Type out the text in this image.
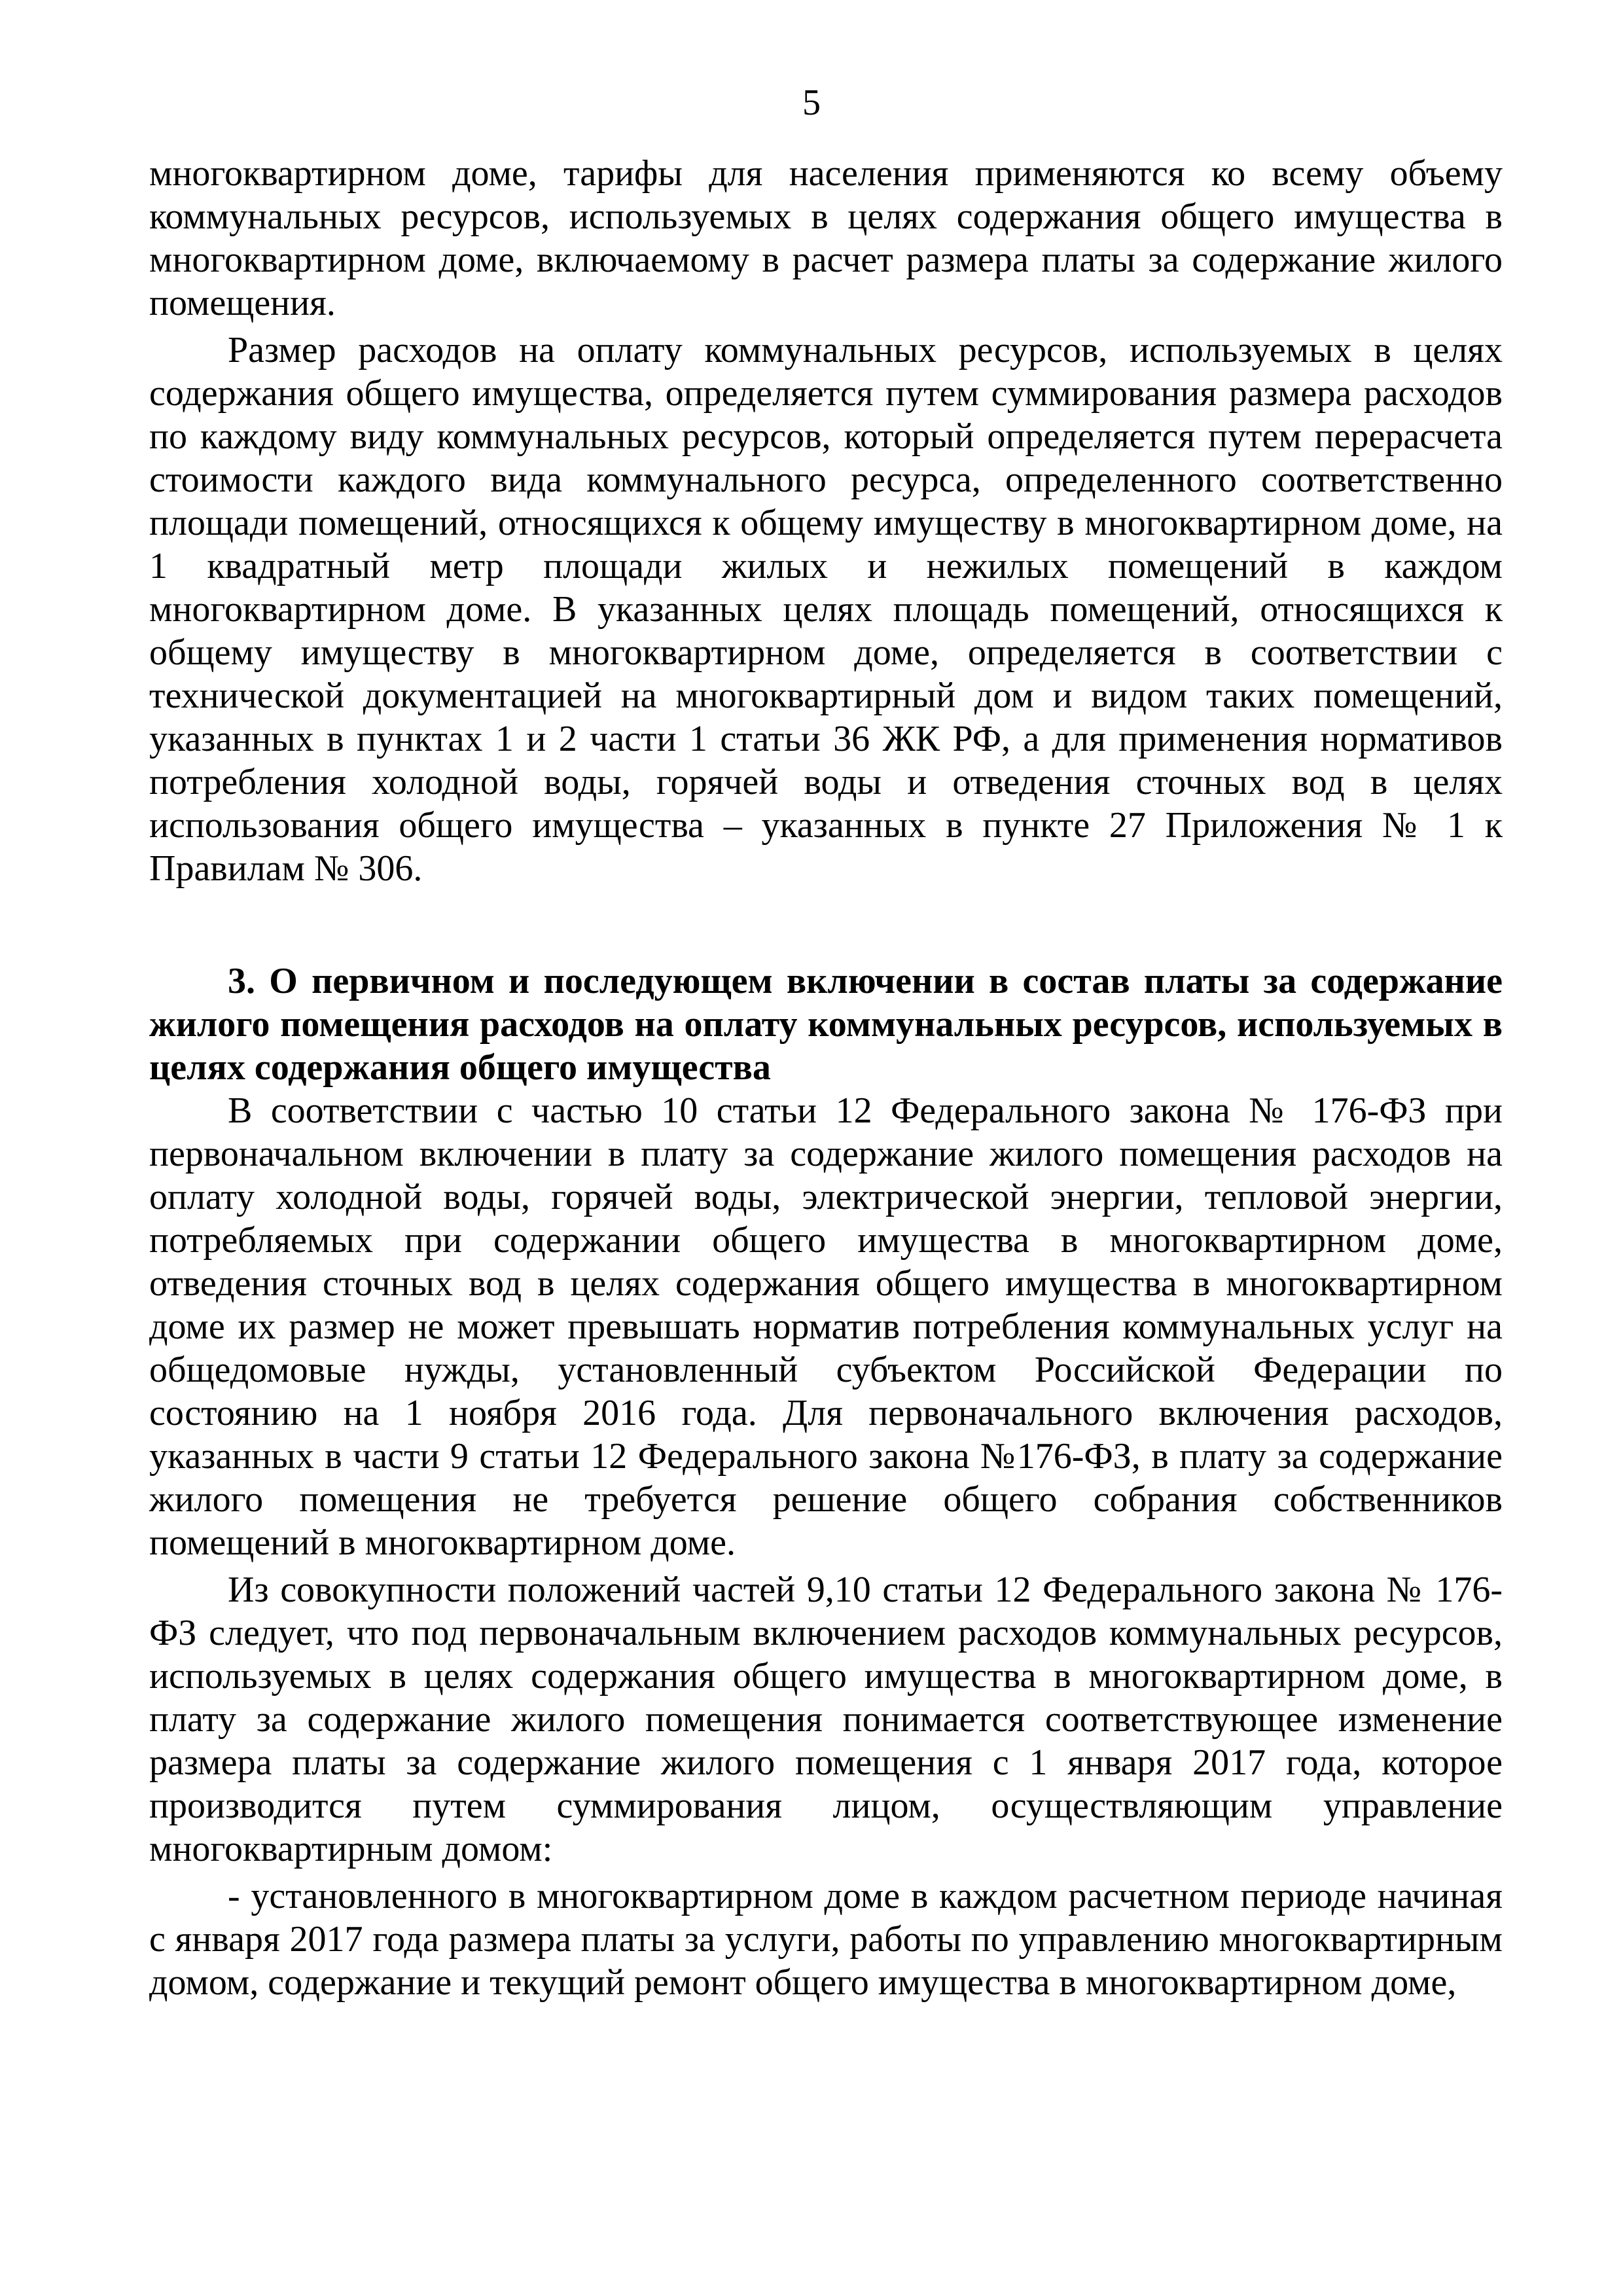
5

многоквартирном доме, тарифы для населения применяются ко всему объему коммунальных ресурсов, используемых в целях содержания общего имущества в многоквартирном доме, включаемому в расчет размера платы за содержание жилого помещения.

Размер расходов на оплату коммунальных ресурсов, используемых в целях содержания общего имущества, определяется путем суммирования размера расходов по каждому виду коммунальных ресурсов, который определяется путем перерасчета стоимости каждого вида коммунального ресурса, определенного соответственно площади помещений, относящихся к общему имуществу в многоквартирном доме, на 1 квадратный метр площади жилых и нежилых помещений в каждом многоквартирном доме. В указанных целях площадь помещений, относящихся к общему имуществу в многоквартирном доме, определяется в соответствии с технической документацией на многоквартирный дом и видом таких помещений, указанных в пунктах 1 и 2 части 1 статьи 36 ЖК РФ, а для применения нормативов потребления холодной воды, горячей воды и отведения сточных вод в целях использования общего имущества – указанных в пункте 27 Приложения № 1 к Правилам № 306.

3. О первичном и последующем включении в состав платы за содержание жилого помещения расходов на оплату коммунальных ресурсов, используемых в целях содержания общего имущества

В соответствии с частью 10 статьи 12 Федерального закона № 176-ФЗ при первоначальном включении в плату за содержание жилого помещения расходов на оплату холодной воды, горячей воды, электрической энергии, тепловой энергии, потребляемых при содержании общего имущества в многоквартирном доме, отведения сточных вод в целях содержания общего имущества в многоквартирном доме их размер не может превышать норматив потребления коммунальных услуг на общедомовые нужды, установленный субъектом Российской Федерации по состоянию на 1 ноября 2016 года. Для первоначального включения расходов, указанных в части 9 статьи 12 Федерального закона №176-ФЗ, в плату за содержание жилого помещения не требуется решение общего собрания собственников помещений в многоквартирном доме.

Из совокупности положений частей 9,10 статьи 12 Федерального закона № 176-ФЗ следует, что под первоначальным включением расходов коммунальных ресурсов, используемых в целях содержания общего имущества в многоквартирном доме, в плату за содержание жилого помещения понимается соответствующее изменение размера платы за содержание жилого помещения с 1 января 2017 года, которое производится путем суммирования лицом, осуществляющим управление многоквартирным домом:

- установленного в многоквартирном доме в каждом расчетном периоде начиная с января 2017 года размера платы за услуги, работы по управлению многоквартирным домом, содержание и текущий ремонт общего имущества в многоквартирном доме,
